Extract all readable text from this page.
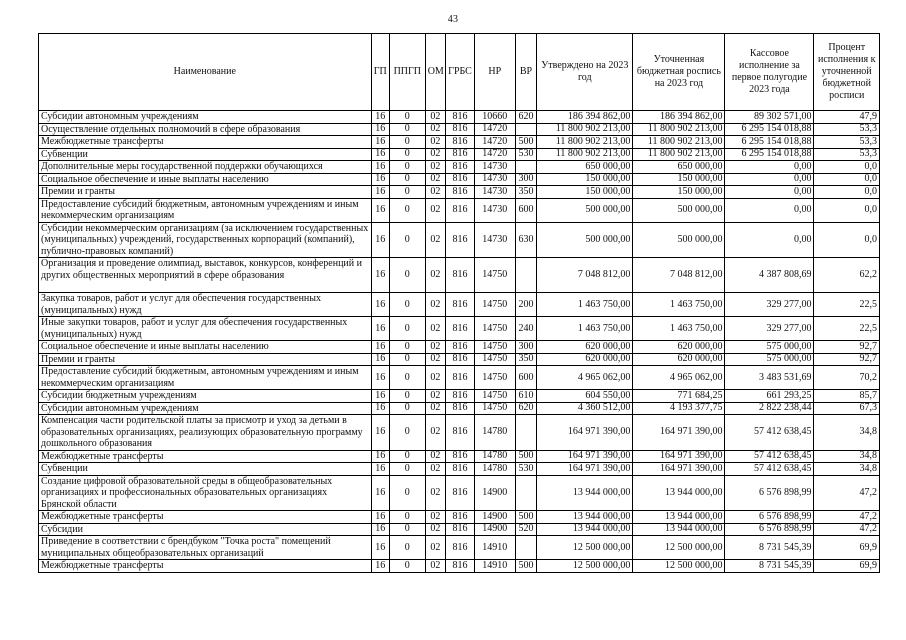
43
Наименование	ГП	ППГП	ОМ	ГРБС	НР	ВР	Утверждено на 2023 год	Уточненная бюджетная роспись на 2023 год	Кассовое исполнение за первое полугодие 2023 года	Процент исполнения к уточненной бюджетной росписи
Субсидии автономным учреждениям	16	0	02	816	10660	620	186 394 862,00	186 394 862,00	89 302 571,00	47,9
Осуществление отдельных полномочий в сфере образования	16	0	02	816	14720		11 800 902 213,00	11 800 902 213,00	6 295 154 018,88	53,3
Межбюджетные трансферты	16	0	02	816	14720	500	11 800 902 213,00	11 800 902 213,00	6 295 154 018,88	53,3
Субвенции	16	0	02	816	14720	530	11 800 902 213,00	11 800 902 213,00	6 295 154 018,88	53,3
Дополнительные меры государственной поддержки обучающихся	16	0	02	816	14730		650 000,00	650 000,00	0,00	0,0
Социальное обеспечение и иные выплаты населению	16	0	02	816	14730	300	150 000,00	150 000,00	0,00	0,0
Премии и гранты	16	0	02	816	14730	350	150 000,00	150 000,00	0,00	0,0
Предоставление субсидий бюджетным, автономным учреждениям и иным некоммерческим организациям	16	0	02	816	14730	600	500 000,00	500 000,00	0,00	0,0
Субсидии некоммерческим организациям (за исключением государственных (муниципальных) учреждений, государственных корпораций (компаний), публично-правовых компаний)	16	0	02	816	14730	630	500 000,00	500 000,00	0,00	0,0
Организация и проведение олимпиад, выставок, конкурсов, конференций и других общественных мероприятий в сфере образования	16	0	02	816	14750		7 048 812,00	7 048 812,00	4 387 808,69	62,2
Закупка товаров, работ и услуг для обеспечения государственных (муниципальных) нужд	16	0	02	816	14750	200	1 463 750,00	1 463 750,00	329 277,00	22,5
Иные закупки товаров, работ и услуг для обеспечения государственных (муниципальных) нужд	16	0	02	816	14750	240	1 463 750,00	1 463 750,00	329 277,00	22,5
Социальное обеспечение и иные выплаты населению	16	0	02	816	14750	300	620 000,00	620 000,00	575 000,00	92,7
Премии и гранты	16	0	02	816	14750	350	620 000,00	620 000,00	575 000,00	92,7
Предоставление субсидий бюджетным, автономным учреждениям и иным некоммерческим организациям	16	0	02	816	14750	600	4 965 062,00	4 965 062,00	3 483 531,69	70,2
Субсидии бюджетным учреждениям	16	0	02	816	14750	610	604 550,00	771 684,25	661 293,25	85,7
Субсидии автономным учреждениям	16	0	02	816	14750	620	4 360 512,00	4 193 377,75	2 822 238,44	67,3
Компенсация части родительской платы за присмотр и уход за детьми в образовательных организациях, реализующих образовательную программу дошкольного образования	16	0	02	816	14780		164 971 390,00	164 971 390,00	57 412 638,45	34,8
Межбюджетные трансферты	16	0	02	816	14780	500	164 971 390,00	164 971 390,00	57 412 638,45	34,8
Субвенции	16	0	02	816	14780	530	164 971 390,00	164 971 390,00	57 412 638,45	34,8
Создание цифровой образовательной среды в общеобразовательных организациях и профессиональных образовательных организациях Брянской области	16	0	02	816	14900		13 944 000,00	13 944 000,00	6 576 898,99	47,2
Межбюджетные трансферты	16	0	02	816	14900	500	13 944 000,00	13 944 000,00	6 576 898,99	47,2
Субсидии	16	0	02	816	14900	520	13 944 000,00	13 944 000,00	6 576 898,99	47,2
Приведение в соответствии с брендбуком "Точка роста" помещений муниципальных общеобразовательных организаций	16	0	02	816	14910		12 500 000,00	12 500 000,00	8 731 545,39	69,9
Межбюджетные трансферты	16	0	02	816	14910	500	12 500 000,00	12 500 000,00	8 731 545,39	69,9
